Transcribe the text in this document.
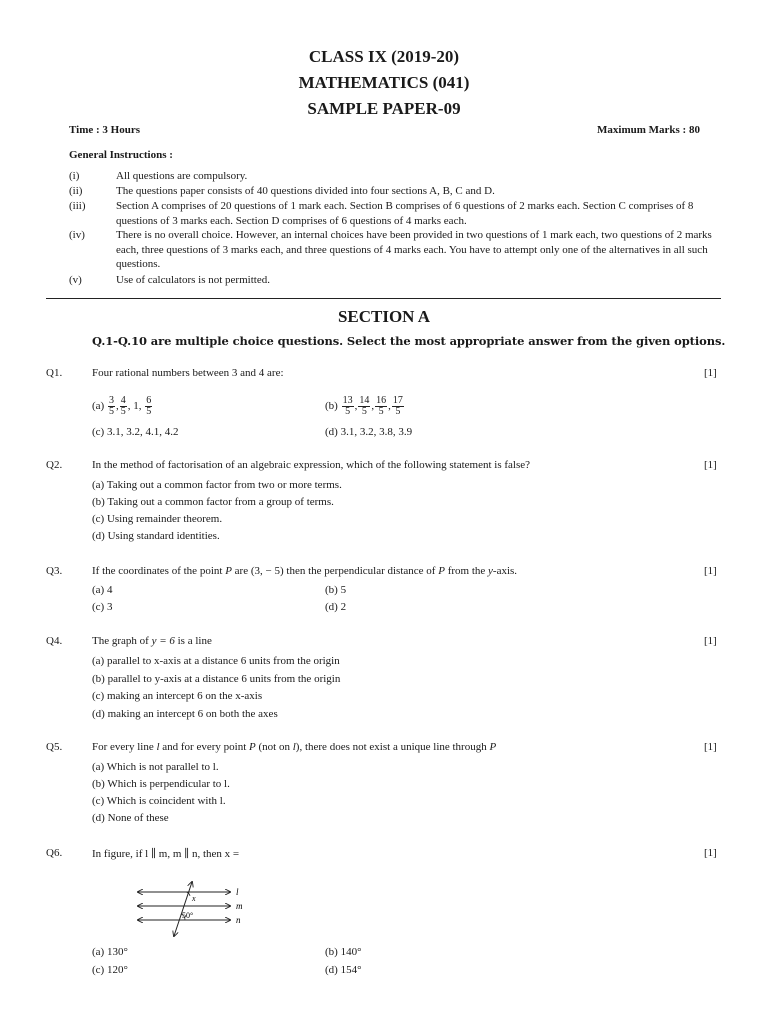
CLASS IX (2019-20)
MATHEMATICS (041)
SAMPLE PAPER-09
Time : 3 Hours	Maximum Marks : 80
General Instructions :
(i)	All questions are compulsory.
(ii)	The questions paper consists of 40 questions divided into four sections A, B, C and D.
(iii)	Section A comprises of 20 questions of 1 mark each. Section B comprises of 6 questions of 2 marks each. Section C comprises of 8 questions of 3 marks each. Section D comprises of 6 questions of 4 marks each.
(iv)	There is no overall choice. However, an internal choices have been provided in two questions of 1 mark each, two questions of 2 marks each, three questions of 3 marks each, and three questions of 4 marks each. You have to attempt only one of the alternatives in all such questions.
(v)	Use of calculators is not permitted.
SECTION A
Q.1-Q.10 are multiple choice questions. Select the most appropriate answer from the given options.
Q1.	Four rational numbers between 3 and 4 are:	[1]
$(a) \frac{3}{5}$ , $\frac{4}{5}$ , 1, $\frac{6}{5}$	$(b) \frac{13}{5}$ , $\frac{14}{5}$ , $\frac{16}{5}$ , $\frac{17}{5}$
(c) 3.1, 3.2, 4.1, 4.2	(d) 3.1, 3.2, 3.8, 3.9
Q2.	In the method of factorisation of an algebraic expression, which of the following statement is false?	[1]
(a) Taking out a common factor from two or more terms.
(b) Taking out a common factor from a group of terms.
(c) Using remainder theorem.
(d) Using standard identities.
Q3.	If the coordinates of the point P are (3, − 5) then the perpendicular distance of P from the y-axis.	[1]
(a) 4	(b) 5
(c) 3	(d) 2
Q4.	The graph of y = 6 is a line	[1]
(a) parallel to x-axis at a distance 6 units from the origin
(b) parallel to y-axis at a distance 6 units from the origin
(c) making an intercept 6 on the x-axis
(d) making an intercept 6 on both the axes
Q5.	For every line l and for every point P (not on l), there does not exist a unique line through P	[1]
(a) Which is not parallel to l.
(b) Which is perpendicular to l.
(c) Which is coincident with l.
(d) None of these
Q6.	In figure, if l ∥ m, m ∥ n, then x =	[1]
x
50°
l
m
n
(a) 130°	(b) 140°
(c) 120°	(d) 154°
